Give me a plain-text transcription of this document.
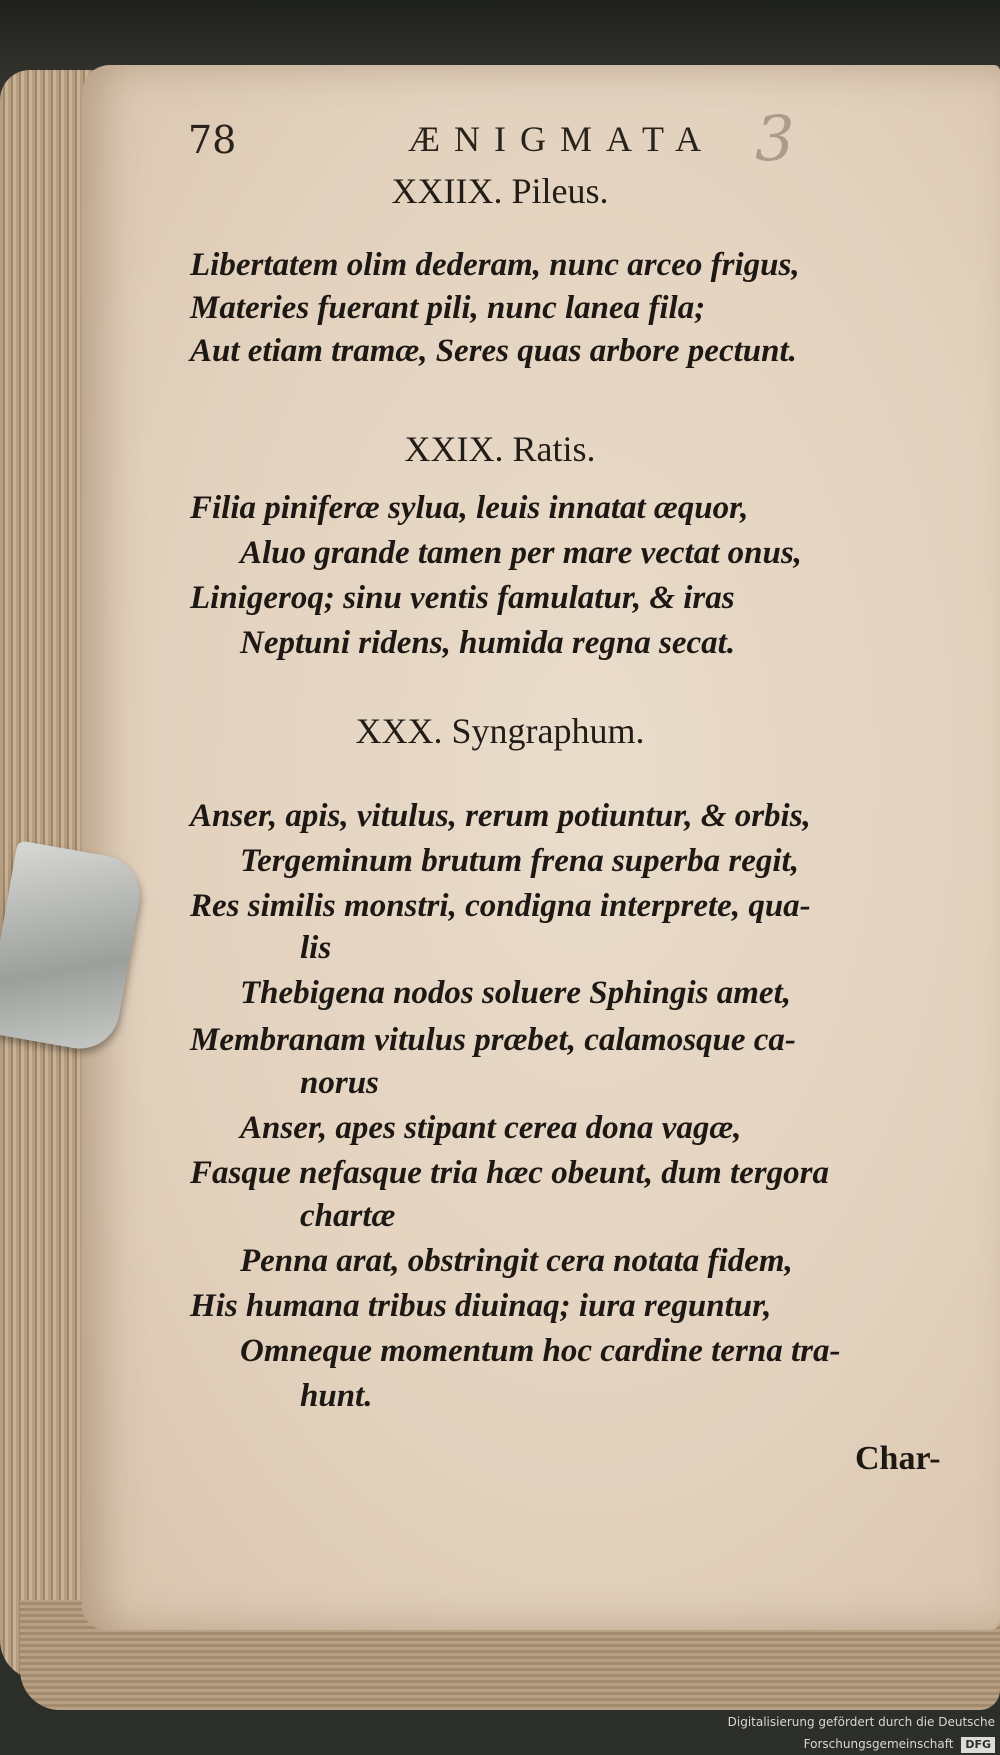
78	ÆNIGMATA 3
XXIIX. Pileus.
Libertatem olim dederam, nunc arceo frigus,
Materies fuerant pili, nunc lanea fila;
Aut etiam tramæ, Seres quas arbore pectunt.
XXIX. Ratis.
Filia piniferæ sylua, leuis innatat æquor,
Aluo grande tamen per mare vectat onus,
Linigeroq; sinu ventis famulatur, & iras
Neptuni ridens, humida regna secat.
XXX. Syngraphum.
Anser, apis, vitulus, rerum potiuntur, & orbis,
Tergeminum brutum frena superba regit,
Res similis monstri, condigna interprete, qua-
lis
Thebigena nodos soluere Sphingis amet,
Membranam vitulus præbet, calamosque ca-
norus
Anser, apes stipant cerea dona vagæ,
Fasque nefasque tria hæc obeunt, dum tergora
chartæ
Penna arat, obstringit cera notata fidem,
His humana tribus diuinaq; iura reguntur,
Omneque momentum hoc cardine terna tra-
hunt.
Char-
Digitalisierung gefördert durch die Deutsche Forschungsgemeinschaft DFG
